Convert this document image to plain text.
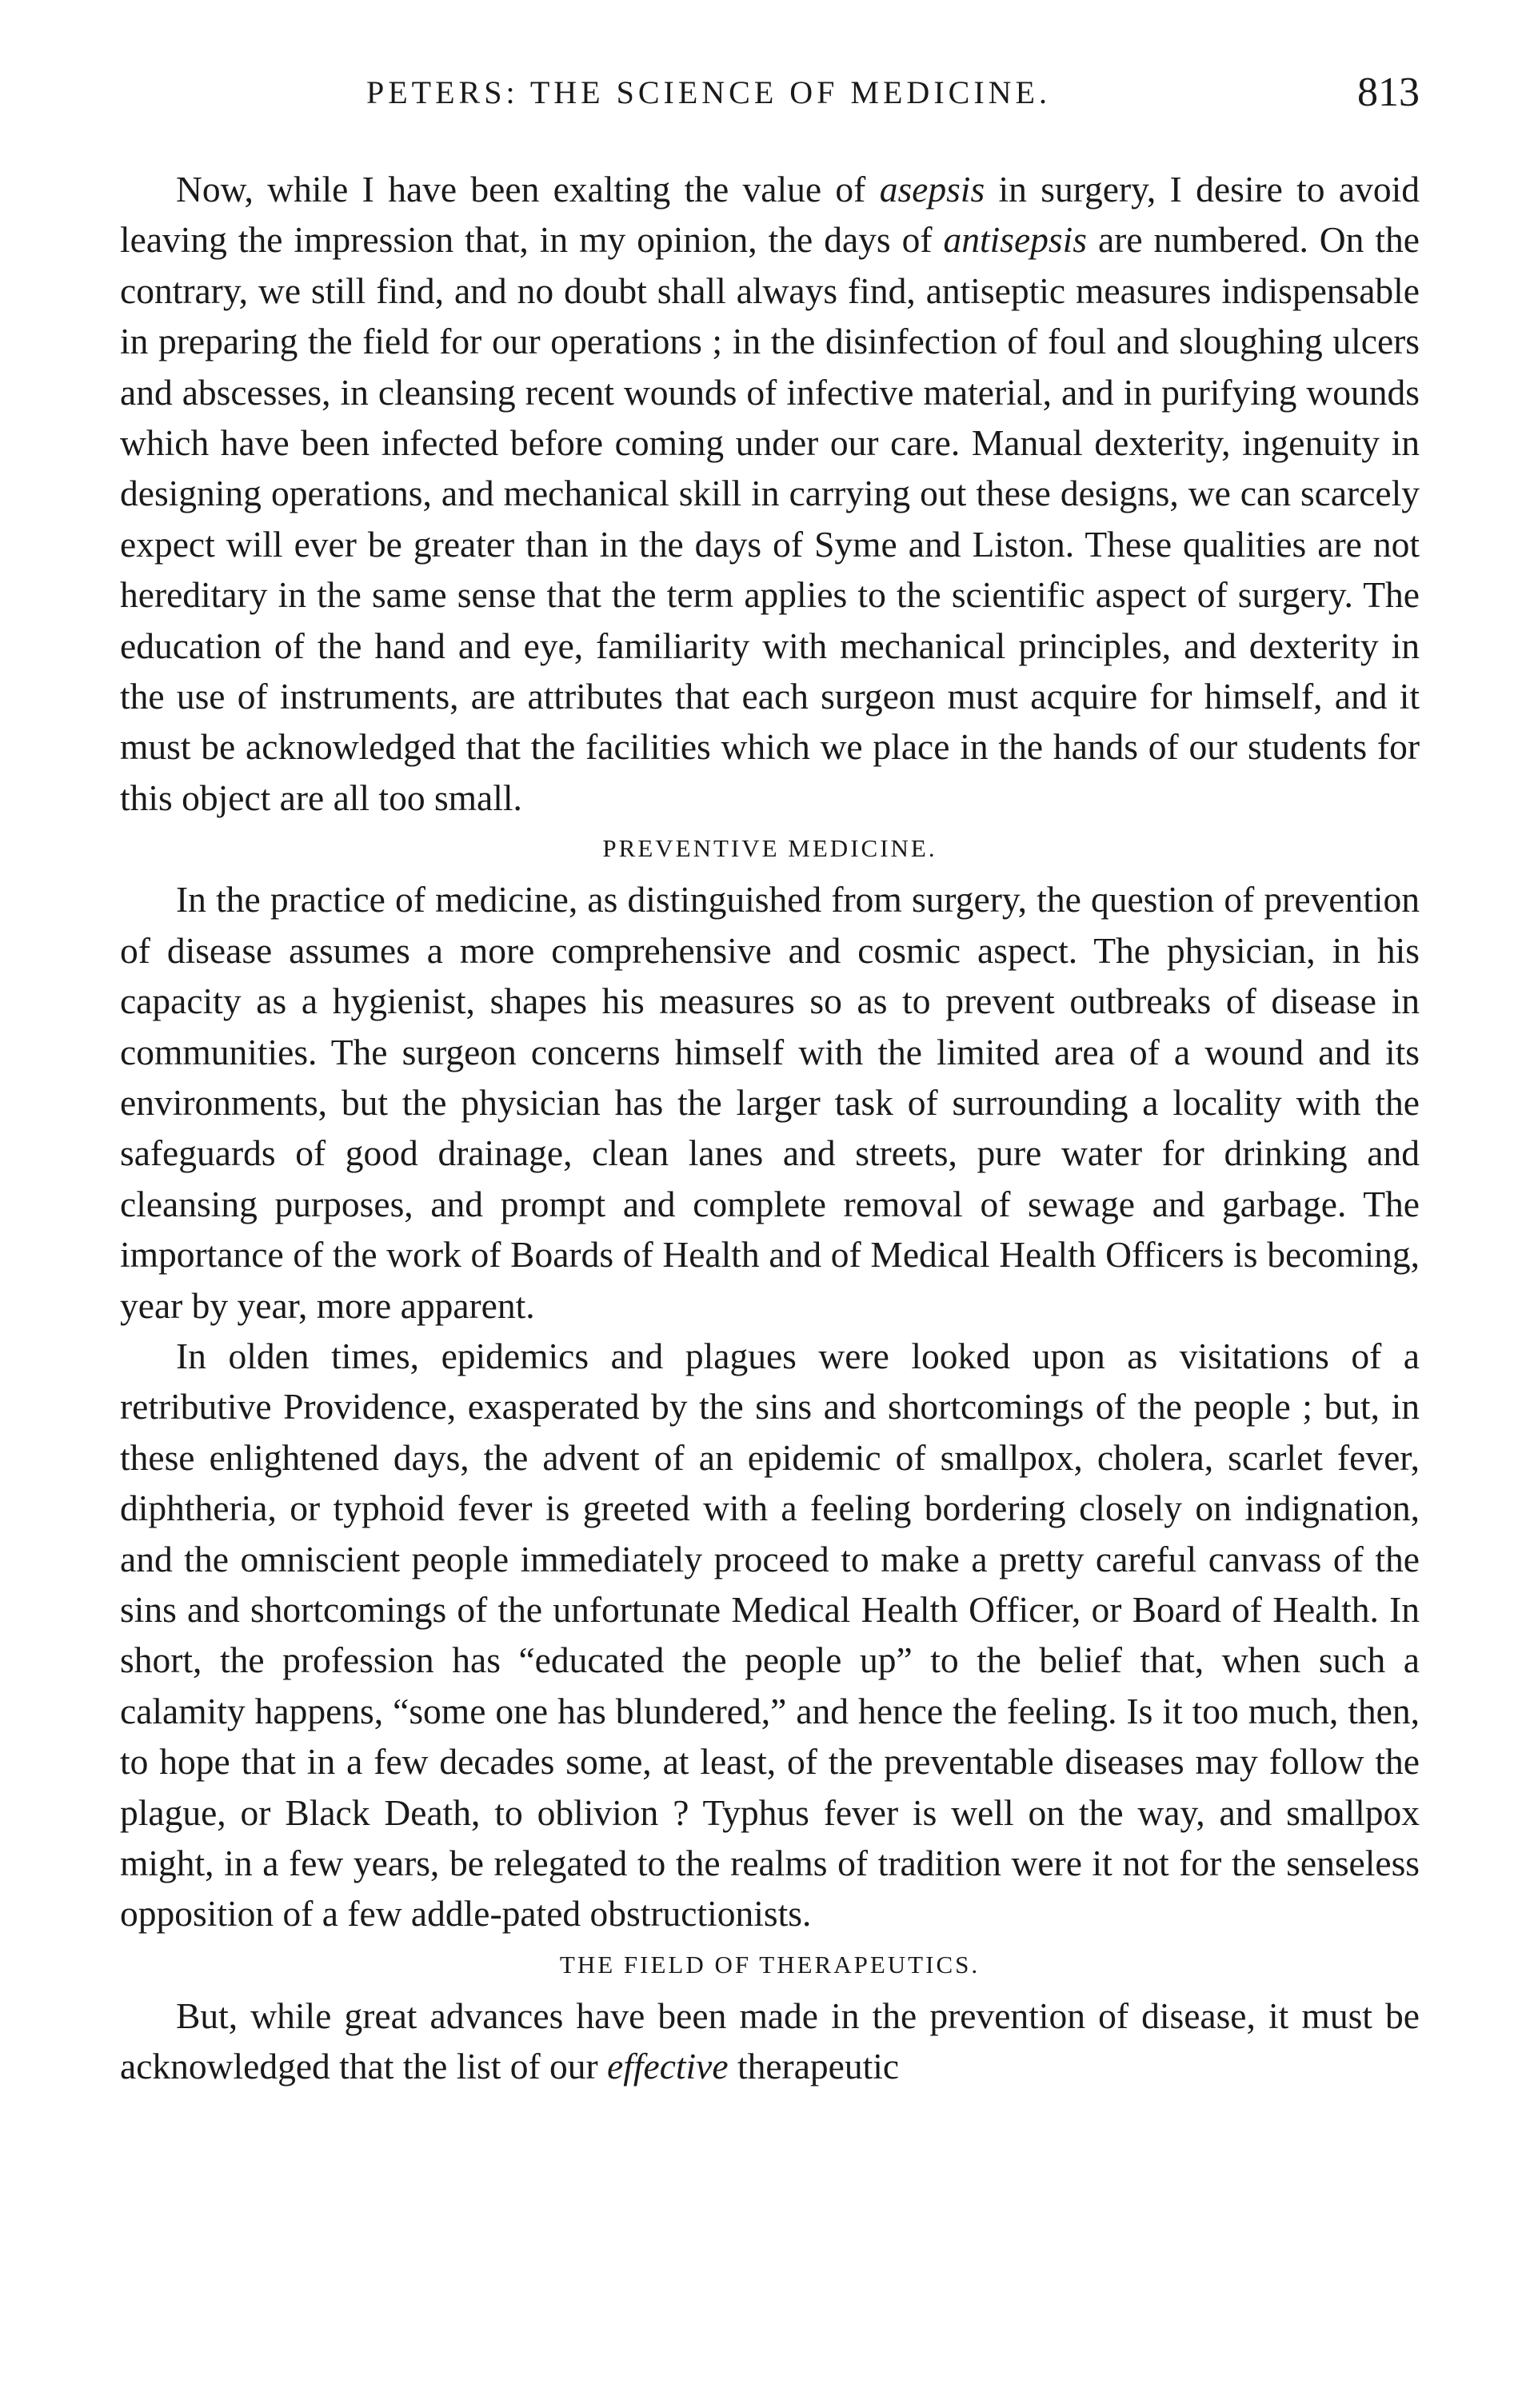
PETERS: THE SCIENCE OF MEDICINE.	813

Now, while I have been exalting the value of asepsis in surgery, I desire to avoid leaving the impression that, in my opinion, the days of antisepsis are numbered. On the contrary, we still find, and no doubt shall always find, antiseptic measures indispensable in preparing the field for our operations ; in the disinfection of foul and sloughing ulcers and abscesses, in cleansing recent wounds of infective material, and in purifying wounds which have been infected before coming under our care. Manual dexterity, ingenuity in designing operations, and mechanical skill in carrying out these designs, we can scarcely expect will ever be greater than in the days of Syme and Liston. These qualities are not hereditary in the same sense that the term applies to the scientific aspect of surgery. The education of the hand and eye, familiarity with mechanical principles, and dexterity in the use of instruments, are attributes that each surgeon must acquire for himself, and it must be acknowledged that the facilities which we place in the hands of our students for this object are all too small.

PREVENTIVE MEDICINE.

In the practice of medicine, as distinguished from surgery, the question of prevention of disease assumes a more comprehensive and cosmic aspect. The physician, in his capacity as a hygienist, shapes his measures so as to prevent outbreaks of disease in communities. The surgeon concerns himself with the limited area of a wound and its environments, but the physician has the larger task of surrounding a locality with the safeguards of good drainage, clean lanes and streets, pure water for drinking and cleansing purposes, and prompt and complete removal of sewage and garbage. The importance of the work of Boards of Health and of Medical Health Officers is becoming, year by year, more apparent.

In olden times, epidemics and plagues were looked upon as visitations of a retributive Providence, exasperated by the sins and shortcomings of the people ; but, in these enlightened days, the advent of an epidemic of smallpox, cholera, scarlet fever, diphtheria, or typhoid fever is greeted with a feeling bordering closely on indignation, and the omniscient people immediately proceed to make a pretty careful canvass of the sins and shortcomings of the unfortunate Medical Health Officer, or Board of Health. In short, the profession has “educated the people up” to the belief that, when such a calamity happens, “some one has blundered,” and hence the feeling. Is it too much, then, to hope that in a few decades some, at least, of the preventable diseases may follow the plague, or Black Death, to oblivion ? Typhus fever is well on the way, and smallpox might, in a few years, be relegated to the realms of tradition were it not for the senseless opposition of a few addle-pated obstructionists.

THE FIELD OF THERAPEUTICS.

But, while great advances have been made in the prevention of disease, it must be acknowledged that the list of our effective therapeutic
